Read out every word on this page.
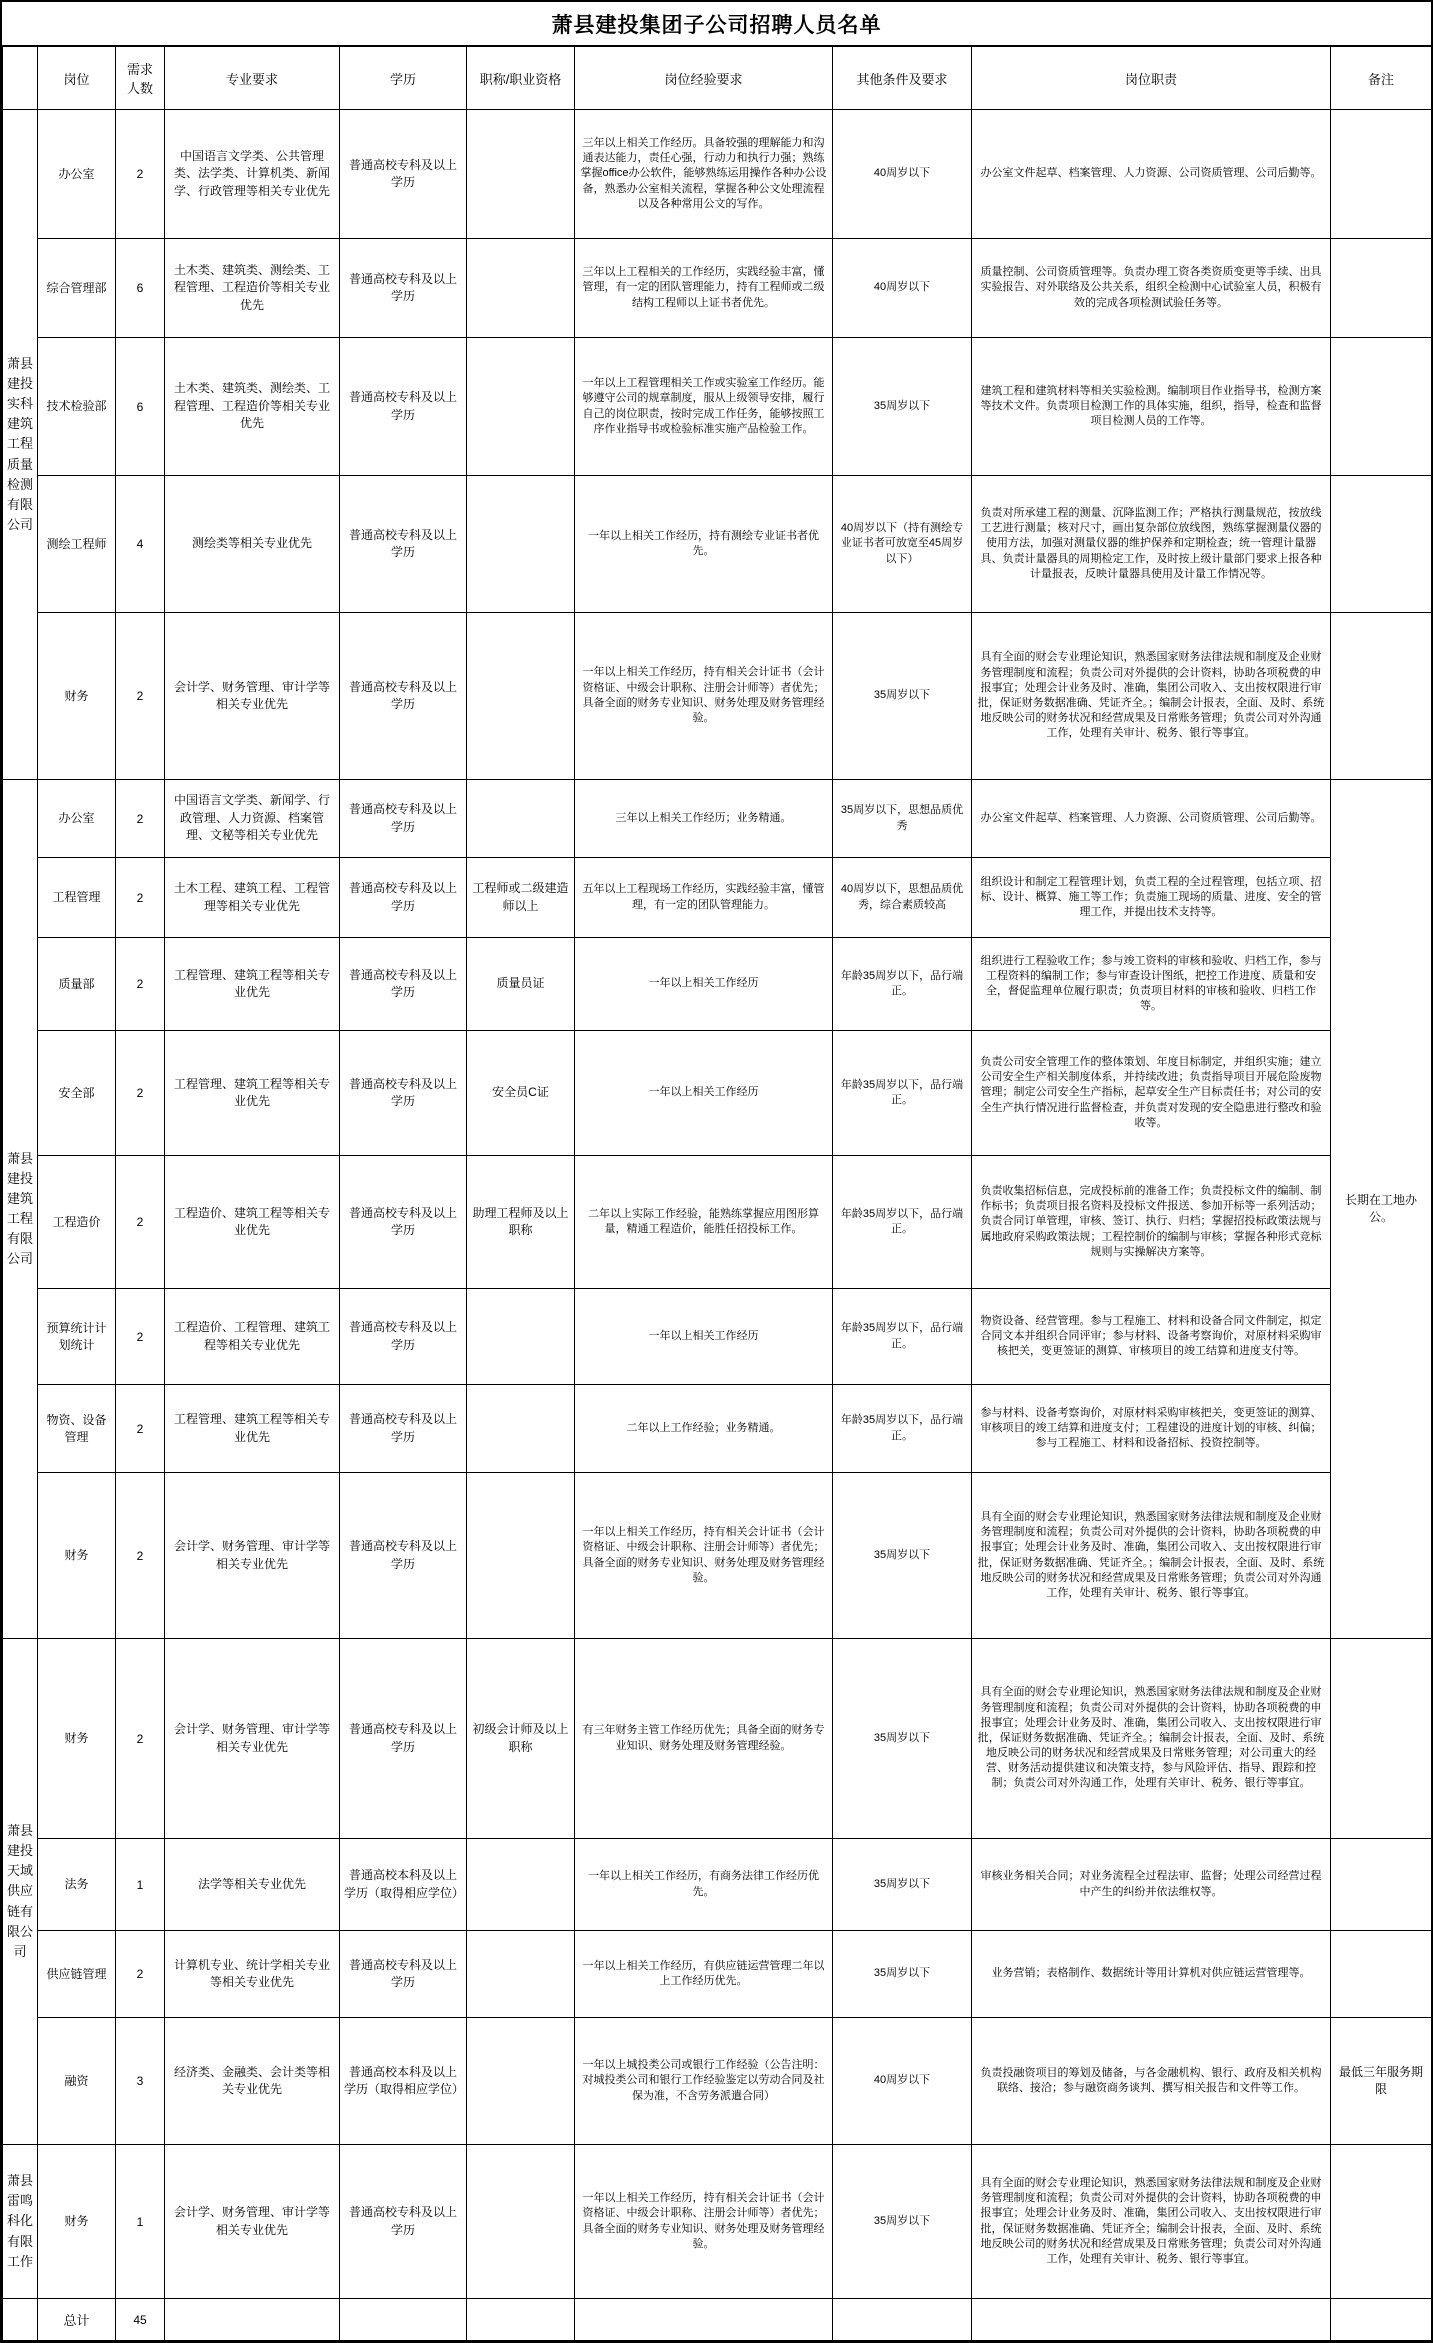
萧县建投集团子公司招聘人员名单
	岗位	需求人数	专业要求	学历	职称/职业资格	岗位经验要求	其他条件及要求	岗位职责	备注
萧县建投实科建筑工程质量检测有限公司	办公室	2	中国语言文学类、公共管理类、法学类、计算机类、新闻学、行政管理等相关专业优先	普通高校专科及以上学历		三年以上相关工作经历。具备较强的理解能力和沟通表达能力，责任心强，行动力和执行力强；熟练掌握office办公软件，能够熟练运用操作各种办公设备，熟悉办公室相关流程，掌握各种公文处理流程以及各种常用公文的写作。	40周岁以下	办公室文件起草、档案管理、人力资源、公司资质管理、公司后勤等。	
	综合管理部	6	土木类、建筑类、测绘类、工程管理、工程造价等相关专业优先	普通高校专科及以上学历		三年以上工程相关的工作经历，实践经验丰富，懂管理，有一定的团队管理能力，持有工程师或二级结构工程师以上证书者优先。	40周岁以下	质量控制、公司资质管理等。负责办理工资各类资质变更等手续、出具实验报告、对外联络及公共关系，组织全检测中心试验室人员，积极有效的完成各项检测试验任务等。	
	技术检验部	6	土木类、建筑类、测绘类、工程管理、工程造价等相关专业优先	普通高校专科及以上学历		一年以上工程管理相关工作或实验室工作经历。能够遵守公司的规章制度，服从上级领导安排，履行自己的岗位职责，按时完成工作任务，能够按照工序作业指导书或检验标准实施产品检验工作。	35周岁以下	建筑工程和建筑材料等相关实验检测。编制项目作业指导书，检测方案等技术文件。负责项目检测工作的具体实施，组织，指导，检查和监督项目检测人员的工作等。	
	测绘工程师	4	测绘类等相关专业优先	普通高校专科及以上学历		一年以上相关工作经历，持有测绘专业证书者优先。	40周岁以下（持有测绘专业证书者可放宽至45周岁以下）	负责对所承建工程的测量、沉降监测工作；严格执行测量规范，按放线工艺进行测量；核对尺寸，画出复杂部位放线图，熟练掌握测量仪器的使用方法，加强对测量仪器的维护保养和定期检查；统一管理计量器具、负责计量器具的周期检定工作，及时按上级计量部门要求上报各种计量报表，反映计量器具使用及计量工作情况等。	
	财务	2	会计学、财务管理、审计学等相关专业优先	普通高校专科及以上学历		一年以上相关工作经历，持有相关会计证书（会计资格证、中级会计职称、注册会计师等）者优先；具备全面的财务专业知识、财务处理及财务管理经验。	35周岁以下	具有全面的财会专业理论知识，熟悉国家财务法律法规和制度及企业财务管理制度和流程；负责公司对外提供的会计资料，协助各项税费的申报事宜；处理会计业务及时、准确，集团公司收入、支出按权限进行审批，保证财务数据准确、凭证齐全。；编制会计报表，全面、及时、系统地反映公司的财务状况和经营成果及日常账务管理；负责公司对外沟通工作，处理有关审计、税务、银行等事宜。	
萧县建投建筑工程有限公司	办公室	2	中国语言文学类、新闻学、行政管理、人力资源、档案管理、文秘等相关专业优先	普通高校专科及以上学历		三年以上相关工作经历；业务精通。	35周岁以下，思想品质优秀	办公室文件起草、档案管理、人力资源、公司资质管理、公司后勤等。	长期在工地办公。
	工程管理	2	土木工程、建筑工程、工程管理等相关专业优先	普通高校专科及以上学历	工程师或二级建造师以上	五年以上工程现场工作经历，实践经验丰富，懂管理，有一定的团队管理能力。	40周岁以下，思想品质优秀，综合素质较高	组织设计和制定工程管理计划，负责工程的全过程管理，包括立项、招标、设计、概算、施工等工作；负责施工现场的质量、进度、安全的管理工作，并提出技术支持等。	
	质量部	2	工程管理、建筑工程等相关专业优先	普通高校专科及以上学历	质量员证	一年以上相关工作经历	年龄35周岁以下，品行端正。	组织进行工程验收工作；参与竣工资料的审核和验收、归档工作，参与工程资料的编制工作；参与审查设计图纸，把控工作进度、质量和安全，督促监理单位履行职责；负责项目材料的审核和验收、归档工作等。	
	安全部	2	工程管理、建筑工程等相关专业优先	普通高校专科及以上学历	安全员C证	一年以上相关工作经历	年龄35周岁以下，品行端正。	负责公司安全管理工作的整体策划、年度目标制定，并组织实施；建立公司安全生产相关制度体系，并持续改进；负责指导项目开展危险废物管理；制定公司安全生产指标，起草安全生产目标责任书；对公司的安全生产执行情况进行监督检查，并负责对发现的安全隐患进行整改和验收等。	
	工程造价	2	工程造价、建筑工程等相关专业优先	普通高校专科及以上学历	助理工程师及以上职称	二年以上实际工作经验，能熟练掌握应用图形算量，精通工程造价，能胜任招投标工作。	年龄35周岁以下，品行端正。	负责收集招标信息，完成投标前的准备工作；负责投标文件的编制、制作标书；负责项目报名资料及投标文件报送、参加开标等一系列活动；负责合同订单管理，审核、签订、执行、归档；掌握招投标政策法规与属地政府采购政策法规；工程控制价的编制与审核；掌握各种形式竞标规则与实操解决方案等。	
	预算统计计划统计	2	工程造价、工程管理、建筑工程等相关专业优先	普通高校专科及以上学历		一年以上相关工作经历	年龄35周岁以下，品行端正。	物资设备、经营管理。参与工程施工、材料和设备合同文件制定，拟定合同文本并组织合同评审；参与材料、设备考察询价，对原材料采购审核把关，变更签证的测算、审核项目的竣工结算和进度支付等。	
	物资、设备管理	2	工程管理、建筑工程等相关专业优先	普通高校专科及以上学历		二年以上工作经验；业务精通。	年龄35周岁以下，品行端正。	参与材料、设备考察询价，对原材料采购审核把关，变更签证的测算、审核项目的竣工结算和进度支付；工程建设的进度计划的审核、纠偏；参与工程施工、材料和设备招标、投资控制等。	
	财务	2	会计学、财务管理、审计学等相关专业优先	普通高校专科及以上学历		一年以上相关工作经历，持有相关会计证书（会计资格证、中级会计职称、注册会计师等）者优先；具备全面的财务专业知识、财务处理及财务管理经验。	35周岁以下	具有全面的财会专业理论知识，熟悉国家财务法律法规和制度及企业财务管理制度和流程；负责公司对外提供的会计资料，协助各项税费的申报事宜；处理会计业务及时、准确，集团公司收入、支出按权限进行审批，保证财务数据准确、凭证齐全。；编制会计报表，全面、及时、系统地反映公司的财务状况和经营成果及日常账务管理；负责公司对外沟通工作，处理有关审计、税务、银行等事宜。	
萧县建投天域供应链有限公司	财务	2	会计学、财务管理、审计学等相关专业优先	普通高校专科及以上学历	初级会计师及以上职称	有三年财务主管工作经历优先；具备全面的财务专业知识、财务处理及财务管理经验。	35周岁以下	具有全面的财会专业理论知识，熟悉国家财务法律法规和制度及企业财务管理制度和流程；负责公司对外提供的会计资料，协助各项税费的申报事宜；处理会计业务及时、准确，集团公司收入、支出按权限进行审批，保证财务数据准确、凭证齐全。；编制会计报表，全面、及时、系统地反映公司的财务状况和经营成果及日常账务管理；对公司重大的经营、财务活动提供建议和决策支持，参与风险评估、指导、跟踪和控制；负责公司对外沟通工作，处理有关审计、税务、银行等事宜。	
	法务	1	法学等相关专业优先	普通高校本科及以上学历（取得相应学位）		一年以上相关工作经历，有商务法律工作经历优先。	35周岁以下	审核业务相关合同；对业务流程全过程法审、监督；处理公司经营过程中产生的纠纷并依法维权等。	
	供应链管理	2	计算机专业、统计学相关专业等相关专业优先	普通高校专科及以上学历		一年以上相关工作经历，有供应链运营管理二年以上工作经历优先。	35周岁以下	业务营销；表格制作、数据统计等用计算机对供应链运营管理等。	
	融资	3	经济类、金融类、会计类等相关专业优先	普通高校本科及以上学历（取得相应学位）		一年以上城投类公司或银行工作经验（公告注明：对城投类公司和银行工作经验鉴定以劳动合同及社保为准，不含劳务派遣合同）	40周岁以下	负责投融资项目的筹划及储备，与各金融机构、银行、政府及相关机构联络、接洽；参与融资商务谈判、撰写相关报告和文件等工作。	最低三年服务期限
萧县雷鸣科化有限工作	财务	1	会计学、财务管理、审计学等相关专业优先	普通高校专科及以上学历		一年以上相关工作经历，持有相关会计证书（会计资格证、中级会计职称、注册会计师等）者优先；具备全面的财务专业知识、财务处理及财务管理经验。	35周岁以下	具有全面的财会专业理论知识，熟悉国家财务法律法规和制度及企业财务管理制度和流程；负责公司对外提供的会计资料，协助各项税费的申报事宜；处理会计业务及时、准确，集团公司收入、支出按权限进行审批，保证财务数据准确、凭证齐全；编制会计报表，全面、及时、系统地反映公司的财务状况和经营成果及日常账务管理；负责公司对外沟通工作，处理有关审计、税务、银行等事宜。	
	总计	45							
